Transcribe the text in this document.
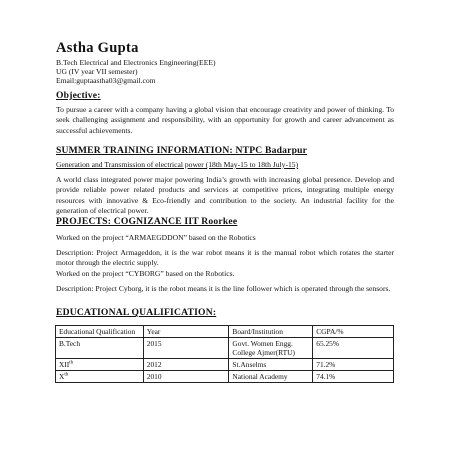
Astha Gupta
B.Tech Electrical and Electronics Engineering(EEE)
UG (IV year VII semester)
Email:guptaastha03@gmail.com
Objective:
To pursue a career with a company having a global vision that encourage creativity and power of thinking. To seek challenging assignment and responsibility, with an opportunity for growth and career advancement as successful achievements.
SUMMER TRAINING INFORMATION: NTPC Badarpur
Generation and Transmission of electrical power (18th May-15 to 18th July-15)
A world class integrated power major powering India’s growth with increasing global presence. Develop and provide reliable power related products and services at competitive prices, integrating multiple energy resources with innovative & Eco-friendly and contribution to the society. An industrial facility for the generation of electrical power.
PROJECTS: COGNIZANCE IIT Roorkee
Worked on the project “ARMAEGDDON” based on the Robotics
Description: Project Armageddon, it is the war robot means it is the manual robot which rotates the starter motor through the electric supply.
Worked on the project “CYBORG” based on the Robotics.
Description: Project Cyborg, it is the robot means it is the line follower which is operated through the sensors.
EDUCATIONAL QUALIFICATION:
Educational Qualification	Year	Board/Institution	CGPA/%
B.Tech	2015	Govt. Women Engg. College Ajmer(RTU)	65.25%
XIIth	2012	St.Anselms	71.2%
Xth	2010	National Academy	74.1%
